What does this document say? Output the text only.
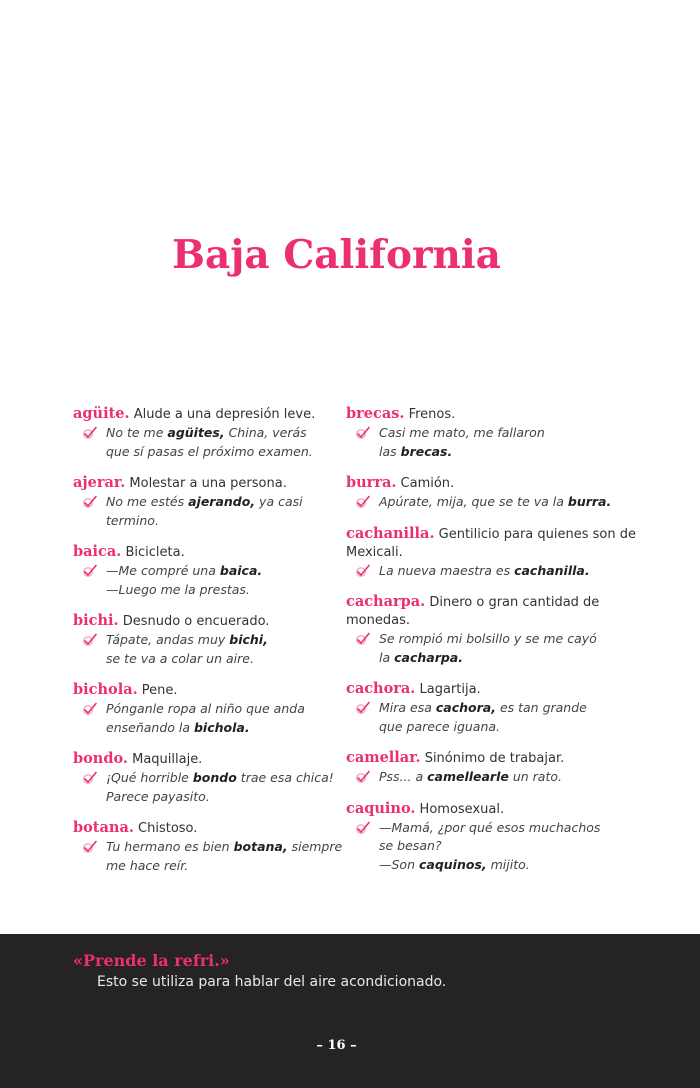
Baja California
agüite. Alude a una depresión leve.

No te me agüites, China, verás

que sí pasas el próximo examen.

ajerar. Molestar a una persona.

No me estés ajerando, ya casi

termino.

baica. Bicicleta.

—Me compré una baica.

—Luego me la prestas.

bichi. Desnudo o encuerado.

Tápate, andas muy bichi,

se te va a colar un aire.

bichola. Pene.

Pónganle ropa al niño que anda

enseñando la bichola.

bondo. Maquillaje.

¡Qué horrible bondo trae esa chica!

Parece payasito.

botana. Chistoso.

Tu hermano es bien botana, siempre

me hace reír.

brecas. Frenos.

Casi me mato, me fallaron

las brecas.

burra. Camión.

Apúrate, mija, que se te va la burra.

cachanilla. Gentilicio para quienes son de Mexicali.

La nueva maestra es cachanilla.

cacharpa. Dinero o gran cantidad de monedas.

Se rompió mi bolsillo y se me cayó

la cacharpa.

cachora. Lagartija.

Mira esa cachora, es tan grande

que parece iguana.

camellar. Sinónimo de trabajar.

Pss... a camellearle un rato.

caquino. Homosexual.

—Mamá, ¿por qué esos muchachos

se besan?

—Son caquinos, mijito.

«Prende la refri.»
Esto se utiliza para hablar del aire acondicionado.
– 16 –
